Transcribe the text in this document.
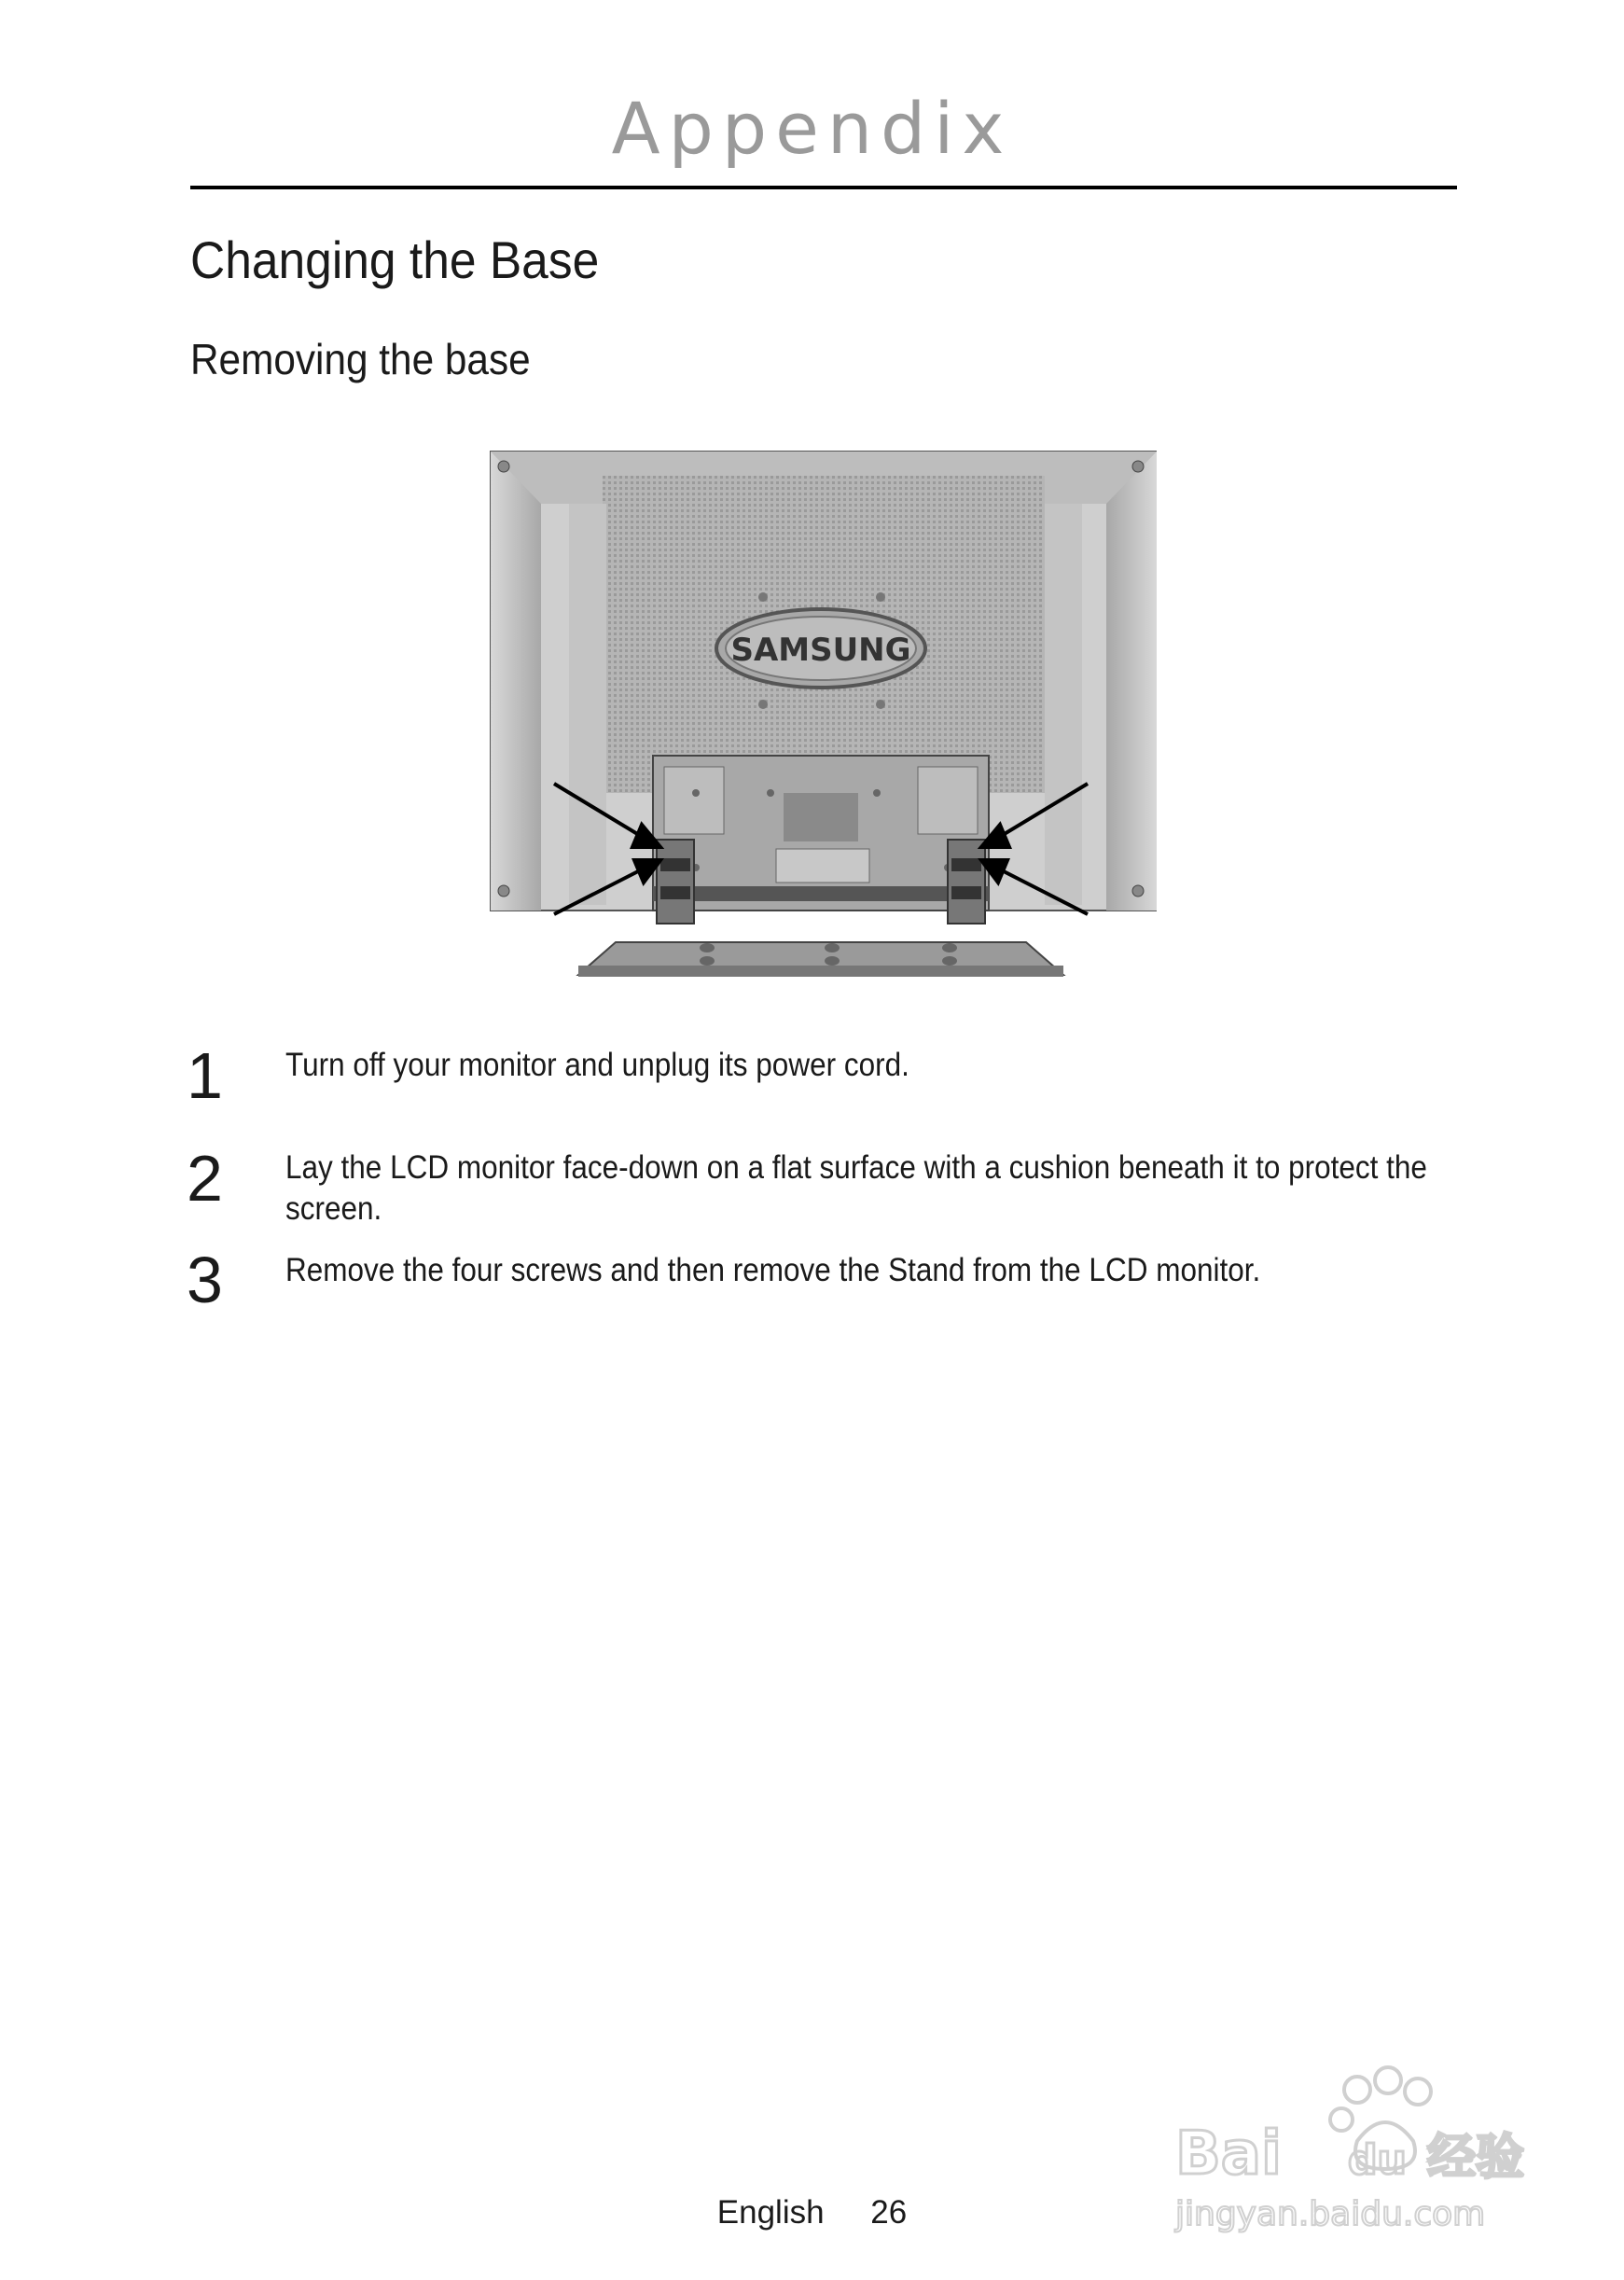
Appendix
Changing the Base
Removing the base
SAMSUNG
1 Turn off your monitor and unplug its power cord.
2 Lay the LCD monitor face-down on a flat surface with a cushion beneath it to protect the screen.
3 Remove the four screws and then remove the Stand from the LCD monitor.
English 26
Bai du 经验
jingyan.baidu.com
